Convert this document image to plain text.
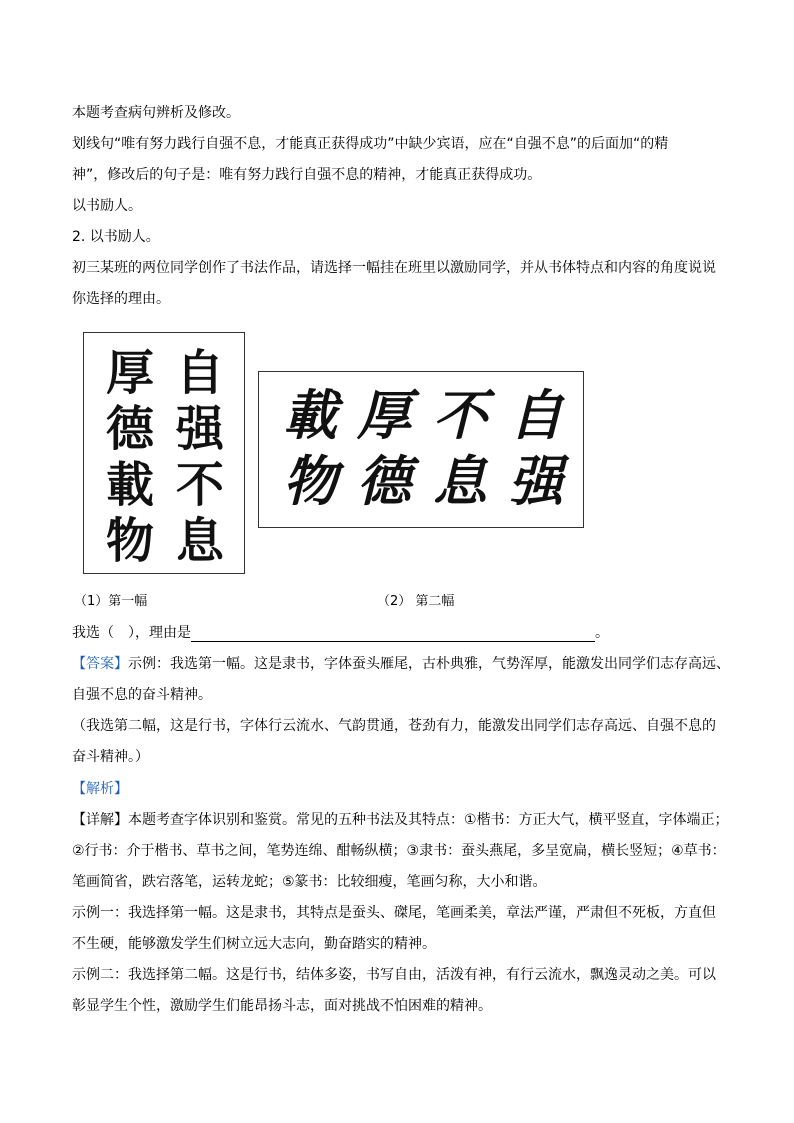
本题考查病句辨析及修改。
划线句“唯有努力践行自强不息，才能真正获得成功”中缺少宾语，应在“自强不息”的后面加“的精
神”，修改后的句子是：唯有努力践行自强不息的精神，才能真正获得成功。
以书励人。
2. 以书励人。
初三某班的两位同学创作了书法作品，请选择一幅挂在班里以激励同学，并从书体特点和内容的角度说说
你选择的理由。
自
强
不
息
厚
德
載
物
自
强
不
息
厚
德
載
物
（1）第一幅	（2） 第二幅
我选（　），理由是	。
【答案】示例：我选第一幅。这是隶书，字体蚕头雁尾，古朴典雅，气势浑厚，能激发出同学们志存高远、
自强不息的奋斗精神。
（我选第二幅，这是行书，字体行云流水、气韵贯通，苍劲有力，能激发出同学们志存高远、自强不息的
奋斗精神。）
【解析】
【详解】本题考查字体识别和鉴赏。常见的五种书法及其特点：①楷书：方正大气，横平竖直，字体端正；
②行书：介于楷书、草书之间，笔势连绵、酣畅纵横；③隶书：蚕头燕尾，多呈宽扁，横长竖短；④草书：
笔画简省，跌宕落笔，运转龙蛇；⑤篆书：比较细瘦，笔画匀称，大小和谐。
示例一：我选择第一幅。这是隶书，其特点是蚕头、磔尾，笔画柔美，章法严谨，严肃但不死板，方直但
不生硬，能够激发学生们树立远大志向，勤奋踏实的精神。
示例二：我选择第二幅。这是行书，结体多姿，书写自由，活泼有神，有行云流水，飘逸灵动之美。可以
彰显学生个性，激励学生们能昂扬斗志，面对挑战不怕困难的精神。
